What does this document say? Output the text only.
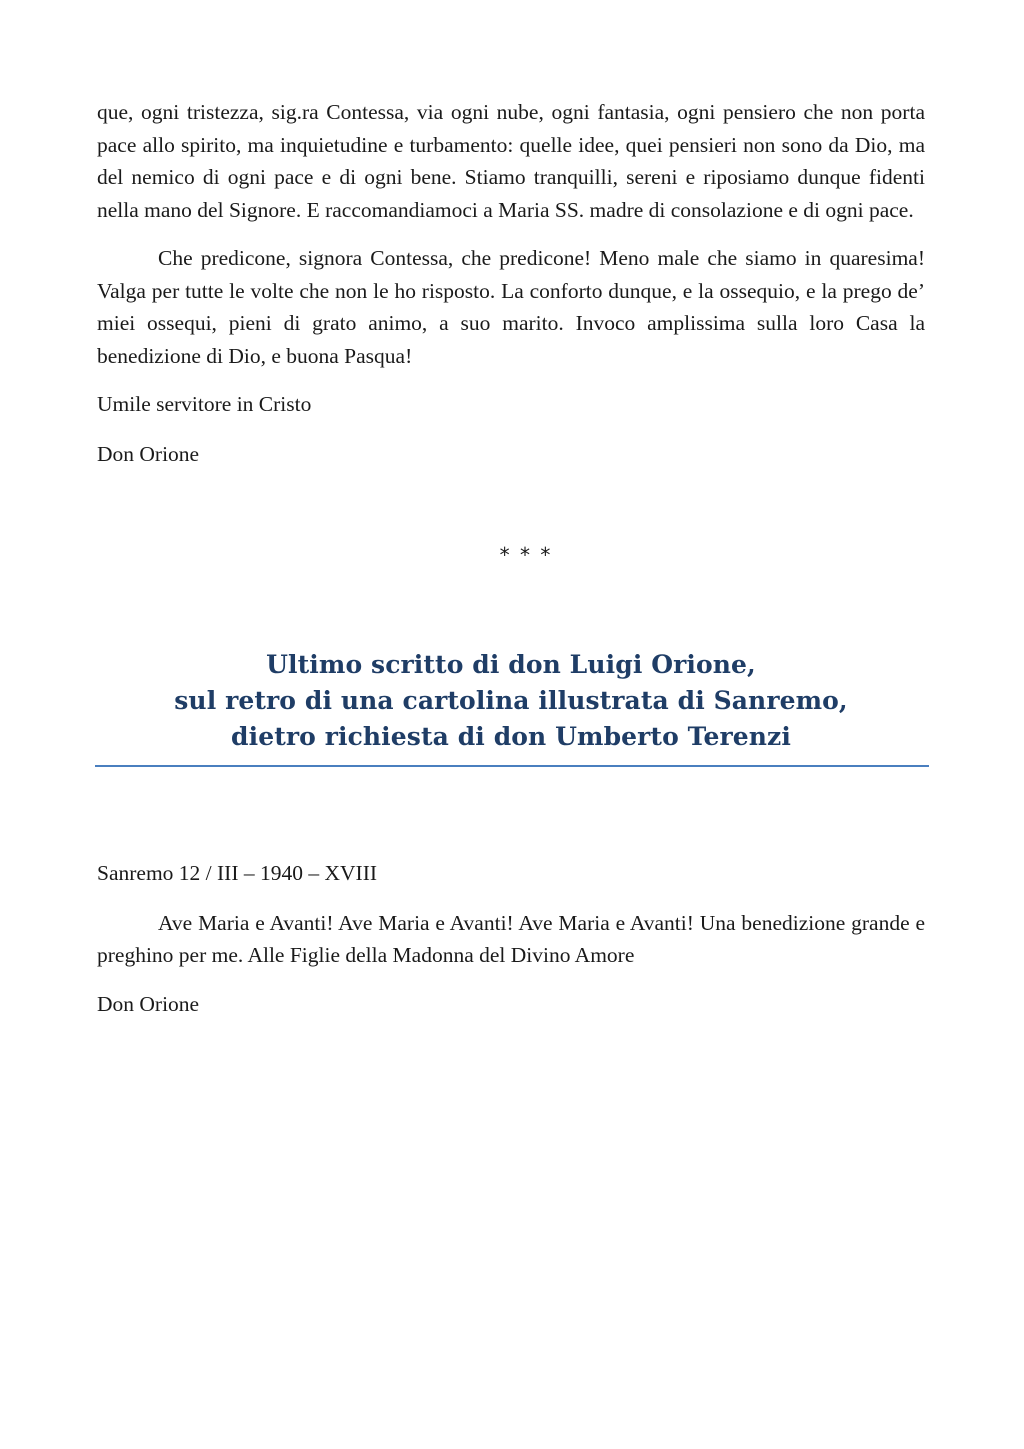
que, ogni tristezza, sig.ra Contessa, via ogni nube, ogni fantasia, ogni pensiero che non porta pace allo spirito, ma inquietudine e turbamento: quelle idee, quei pensieri non sono da Dio, ma del nemico di ogni pace e di ogni bene. Stiamo tranquilli, sereni e riposiamo dunque fidenti nella mano del Signore. E raccomandiamoci a Maria SS. madre di consolazione e di ogni pace.

Che predicone, signora Contessa, che predicone! Meno male che siamo in quaresima! Valga per tutte le volte che non le ho risposto. La conforto dunque, e la ossequio, e la prego de’ miei ossequi, pieni di grato animo, a suo marito. Invoco amplissima sulla loro Casa la benedizione di Dio, e buona Pasqua!

Umile servitore in Cristo

Don Orione

* * *
Ultimo scritto di don Luigi Orione,
sul retro di una cartolina illustrata di Sanremo,
dietro richiesta di don Umberto Terenzi

Sanremo 12 / III – 1940 – XVIII

Ave Maria e Avanti! Ave Maria e Avanti! Ave Maria e Avanti! Una benedizione grande e preghino per me. Alle Figlie della Madonna del Divino Amore

Don Orione
